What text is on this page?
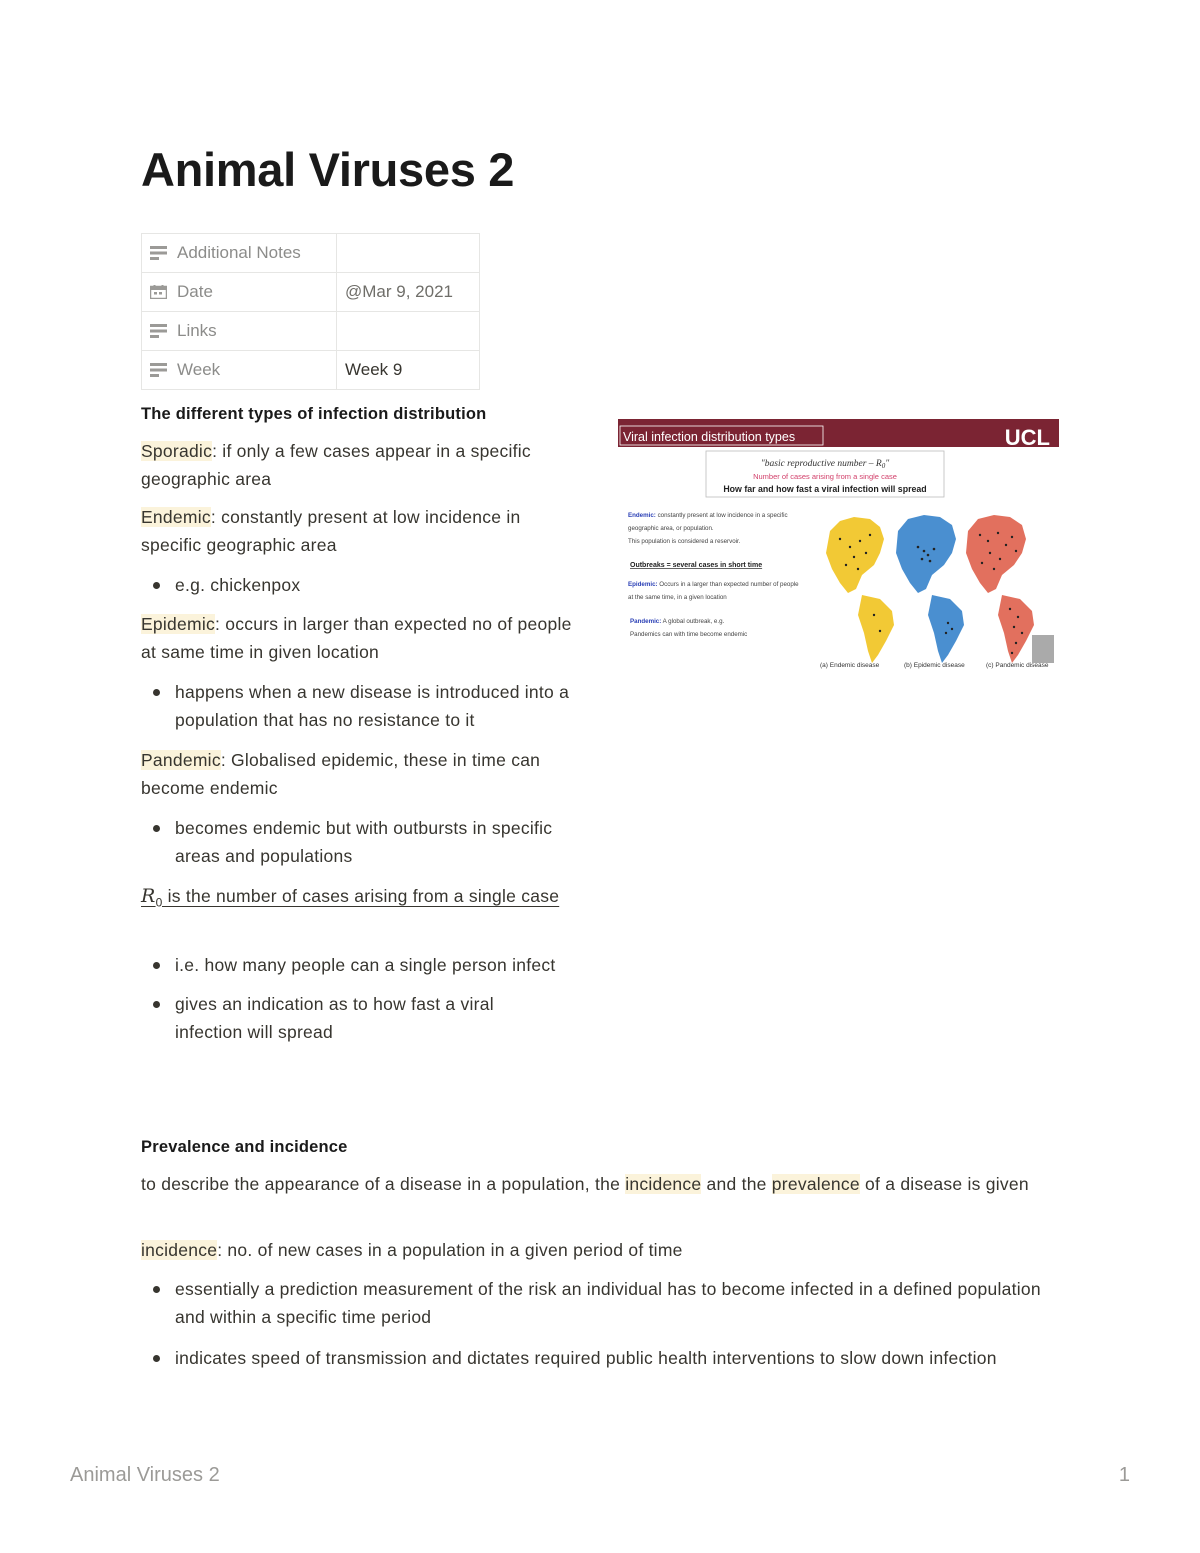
Animal Viruses 2
Additional Notes	
Date	@Mar 9, 2021
Links	
Week	Week 9
The different types of infection distribution

Sporadic: if only a few cases appear in a specific geographic area

Endemic: constantly present at low incidence in specific geographic area

e.g. chickenpox

Epidemic: occurs in larger than expected no of people at same time in given location

happens when a new disease is introduced into a population that has no resistance to it

Pandemic: Globalised epidemic, these in time can become endemic

becomes endemic but with outbursts in specific areas and populations

$R_0$ is the number of cases arising from a single case

i.e. how many people can a single person infect
gives an indication as to how fast a viral infection will spread
Viral infection distribution types	UCL
"basic reproductive number – $R_0$"
Number of cases arising from a single case
How far and how fast a viral infection will spread
Endemic: constantly present at low incidence in a specific
geographic area, or population.
This population is considered a reservoir.
Outbreaks = several cases in short time
Epidemic: Occurs in a larger than expected number of people
at the same time, in a given location
Pandemic: A global outbreak, e.g.
Pandemics can with time become endemic
(a) Endemic disease	(b) Epidemic disease	(c) Pandemic disease
Prevalence and incidence

to describe the appearance of a disease in a population, the incidence and the prevalence of a disease is given

incidence: no. of new cases in a population in a given period of time

essentially a prediction measurement of the risk an individual has to become infected in a defined population and within a specific time period
indicates speed of transmission and dictates required public health interventions to slow down infection
Animal Viruses 2	1
